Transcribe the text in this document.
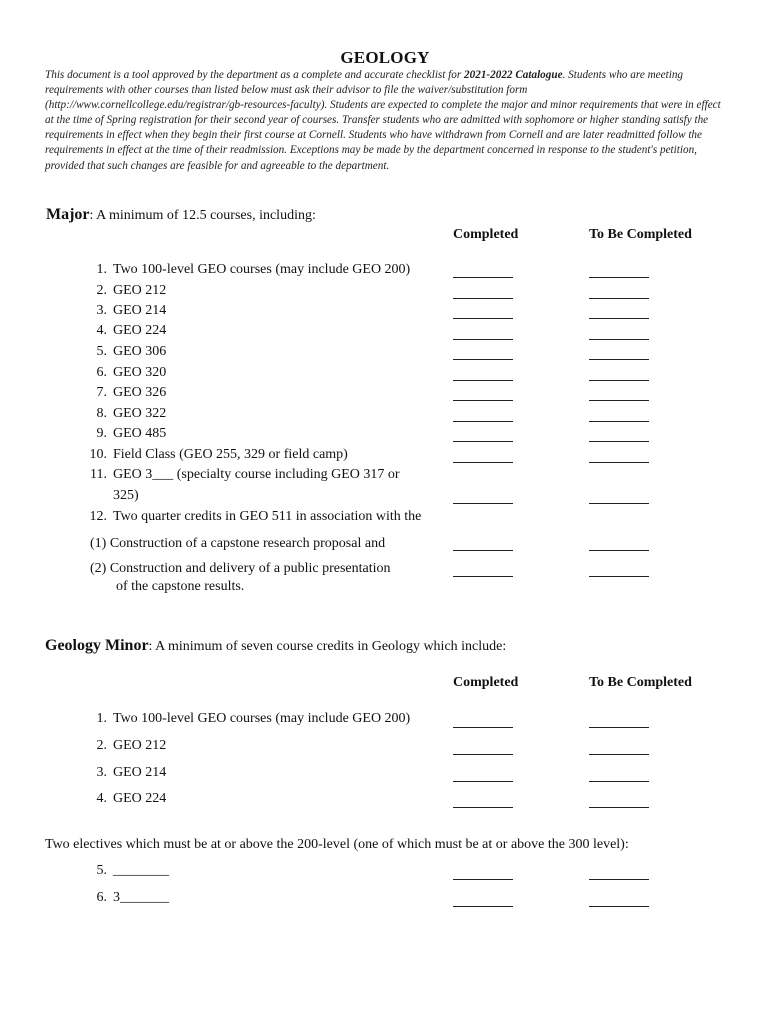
GEOLOGY
This document is a tool approved by the department as a complete and accurate checklist for 2021-2022 Catalogue. Students who are meeting requirements with other courses than listed below must ask their advisor to file the waiver/substitution form (http://www.cornellcollege.edu/registrar/gb-resources-faculty). Students are expected to complete the major and minor requirements that were in effect at the time of Spring registration for their second year of courses. Transfer students who are admitted with sophomore or higher standing satisfy the requirements in effect when they begin their first course at Cornell. Students who have withdrawn from Cornell and are later readmitted follow the requirements in effect at the time of their readmission. Exceptions may be made by the department concerned in response to the student's petition, provided that such changes are feasible for and agreeable to the department.
Major: A minimum of 12.5 courses, including:
Completed	To Be Completed
1. Two 100-level GEO courses (may include GEO 200)
2. GEO 212
3. GEO 214
4. GEO 224
5. GEO 306
6. GEO 320
7. GEO 326
8. GEO 322
9. GEO 485
10. Field Class (GEO 255, 329 or field camp)
11. GEO 3___ (specialty course including GEO 317 or
325)
12. Two quarter credits in GEO 511 in association with the
(1) Construction of a capstone research proposal and
(2) Construction and delivery of a public presentation
of the capstone results.
Geology Minor: A minimum of seven course credits in Geology which include:
Completed	To Be Completed
1. Two 100-level GEO courses (may include GEO 200)
2. GEO 212
3. GEO 214
4. GEO 224
Two electives which must be at or above the 200-level (one of which must be at or above the 300 level):
5. ________
6. 3_______
